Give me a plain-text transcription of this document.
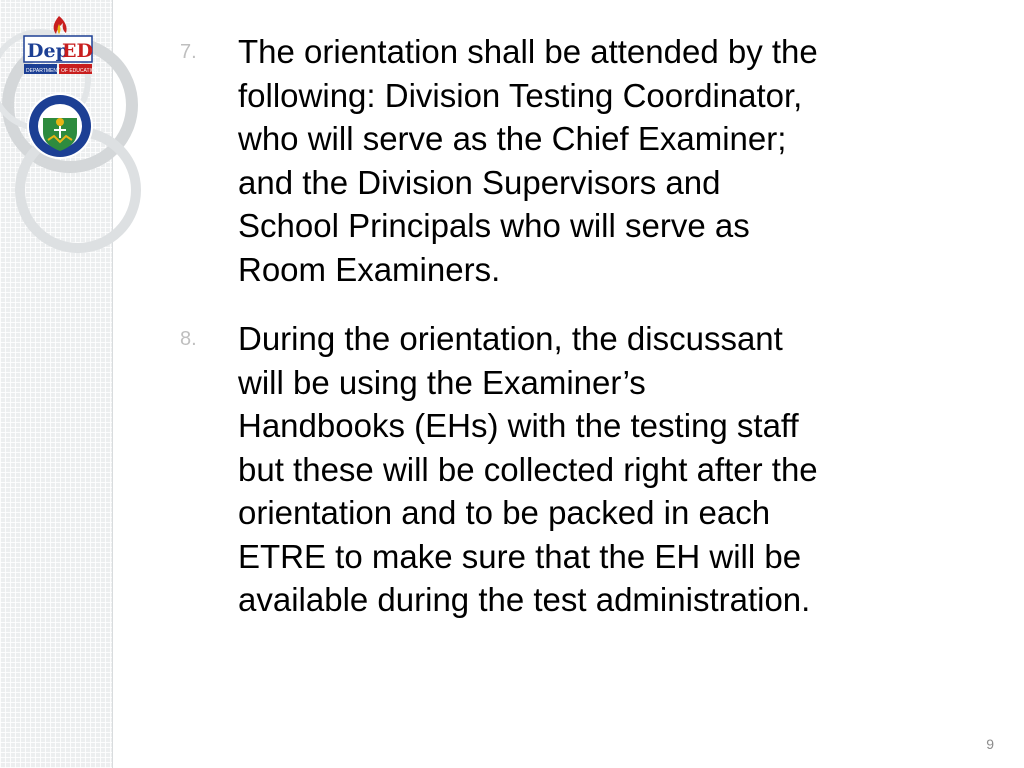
Dep
ED
DEPARTMENT OF EDUCATION
7. The orientation shall be attended by the
following: Division Testing Coordinator,
who will serve as the Chief Examiner;
and the Division Supervisors and
School Principals who will serve as
Room Examiners.
8. During the orientation, the discussant
will be using the Examiner’s
Handbooks (EHs) with the testing staff
but these will be collected right after the
orientation and to be packed in each
ETRE to make sure that the EH will be
available during the test administration.
9
